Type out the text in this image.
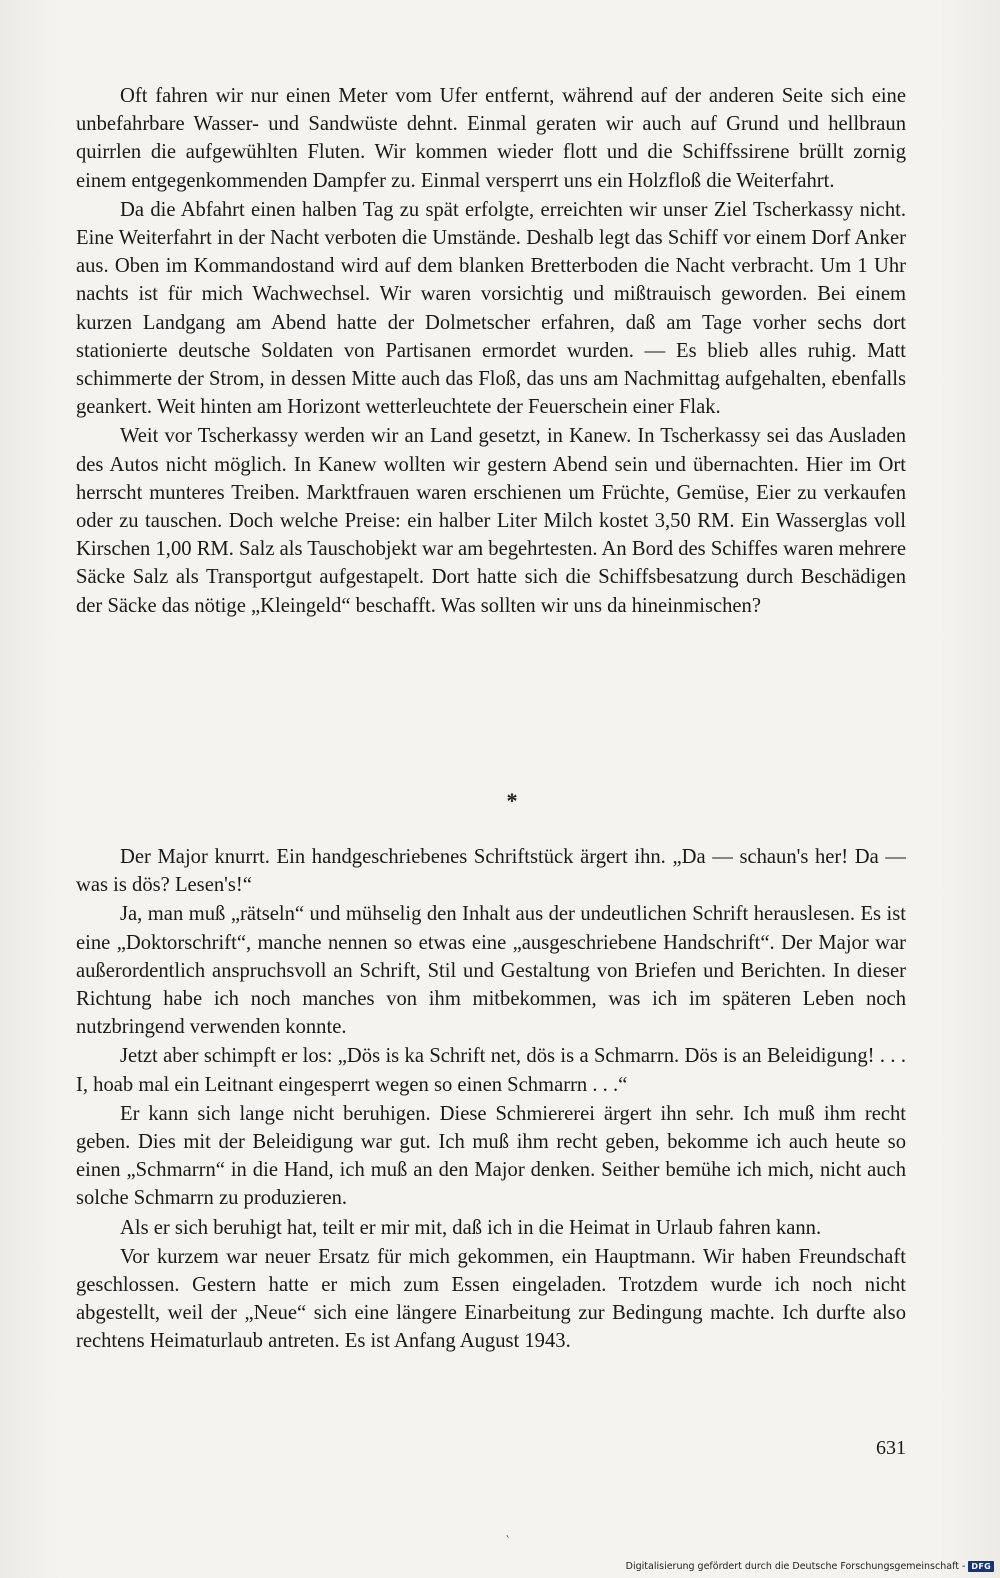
Oft fahren wir nur einen Meter vom Ufer entfernt, während auf der anderen Seite sich eine unbefahrbare Wasser- und Sandwüste dehnt. Einmal geraten wir auch auf Grund und hellbraun quirrlen die aufgewühlten Fluten. Wir kommen wieder flott und die Schiffssirene brüllt zornig einem entgegenkommenden Dampfer zu. Einmal versperrt uns ein Holzfloß die Weiterfahrt.

Da die Abfahrt einen halben Tag zu spät erfolgte, erreichten wir unser Ziel Tscherkassy nicht. Eine Weiterfahrt in der Nacht verboten die Umstände. Deshalb legt das Schiff vor einem Dorf Anker aus. Oben im Kommandostand wird auf dem blanken Bretterboden die Nacht verbracht. Um 1 Uhr nachts ist für mich Wachwechsel. Wir waren vorsichtig und mißtrauisch geworden. Bei einem kurzen Landgang am Abend hatte der Dolmetscher erfahren, daß am Tage vorher sechs dort stationierte deutsche Soldaten von Partisanen ermordet wurden. — Es blieb alles ruhig. Matt schimmerte der Strom, in dessen Mitte auch das Floß, das uns am Nachmittag aufgehalten, ebenfalls geankert. Weit hinten am Horizont wetterleuchtete der Feuerschein einer Flak.

Weit vor Tscherkassy werden wir an Land gesetzt, in Kanew. In Tscherkassy sei das Ausladen des Autos nicht möglich. In Kanew wollten wir gestern Abend sein und übernachten. Hier im Ort herrscht munteres Treiben. Marktfrauen waren erschienen um Früchte, Gemüse, Eier zu verkaufen oder zu tauschen. Doch welche Preise: ein halber Liter Milch kostet 3,50 RM. Ein Wasserglas voll Kirschen 1,00 RM. Salz als Tauschobjekt war am begehrtesten. An Bord des Schiffes waren mehrere Säcke Salz als Transportgut aufgestapelt. Dort hatte sich die Schiffsbesatzung durch Beschädigen der Säcke das nötige „Kleingeld“ beschafft. Was sollten wir uns da hineinmischen?

*

Der Major knurrt. Ein handgeschriebenes Schriftstück ärgert ihn. „Da — schaun's her! Da — was is dös? Lesen's!“

Ja, man muß „rätseln“ und mühselig den Inhalt aus der undeutlichen Schrift herauslesen. Es ist eine „Doktorschrift“, manche nennen so etwas eine „ausgeschriebene Handschrift“. Der Major war außerordentlich anspruchsvoll an Schrift, Stil und Gestaltung von Briefen und Berichten. In dieser Richtung habe ich noch manches von ihm mitbekommen, was ich im späteren Leben noch nutzbringend verwenden konnte.

Jetzt aber schimpft er los: „Dös is ka Schrift net, dös is a Schmarrn. Dös is an Beleidigung! . . . I, hoab mal ein Leitnant eingesperrt wegen so einen Schmarrn . . .“

Er kann sich lange nicht beruhigen. Diese Schmiererei ärgert ihn sehr. Ich muß ihm recht geben. Dies mit der Beleidigung war gut. Ich muß ihm recht geben, bekomme ich auch heute so einen „Schmarrn“ in die Hand, ich muß an den Major denken. Seither bemühe ich mich, nicht auch solche Schmarrn zu produzieren.

Als er sich beruhigt hat, teilt er mir mit, daß ich in die Heimat in Urlaub fahren kann.

Vor kurzem war neuer Ersatz für mich gekommen, ein Hauptmann. Wir haben Freundschaft geschlossen. Gestern hatte er mich zum Essen eingeladen. Trotzdem wurde ich noch nicht abgestellt, weil der „Neue“ sich eine längere Einarbeitung zur Bedingung machte. Ich durfte also rechtens Heimaturlaub antreten. Es ist Anfang August 1943.

631
ˏ
Digitalisierung gefördert durch die Deutsche Forschungsgemeinschaft - DFG
